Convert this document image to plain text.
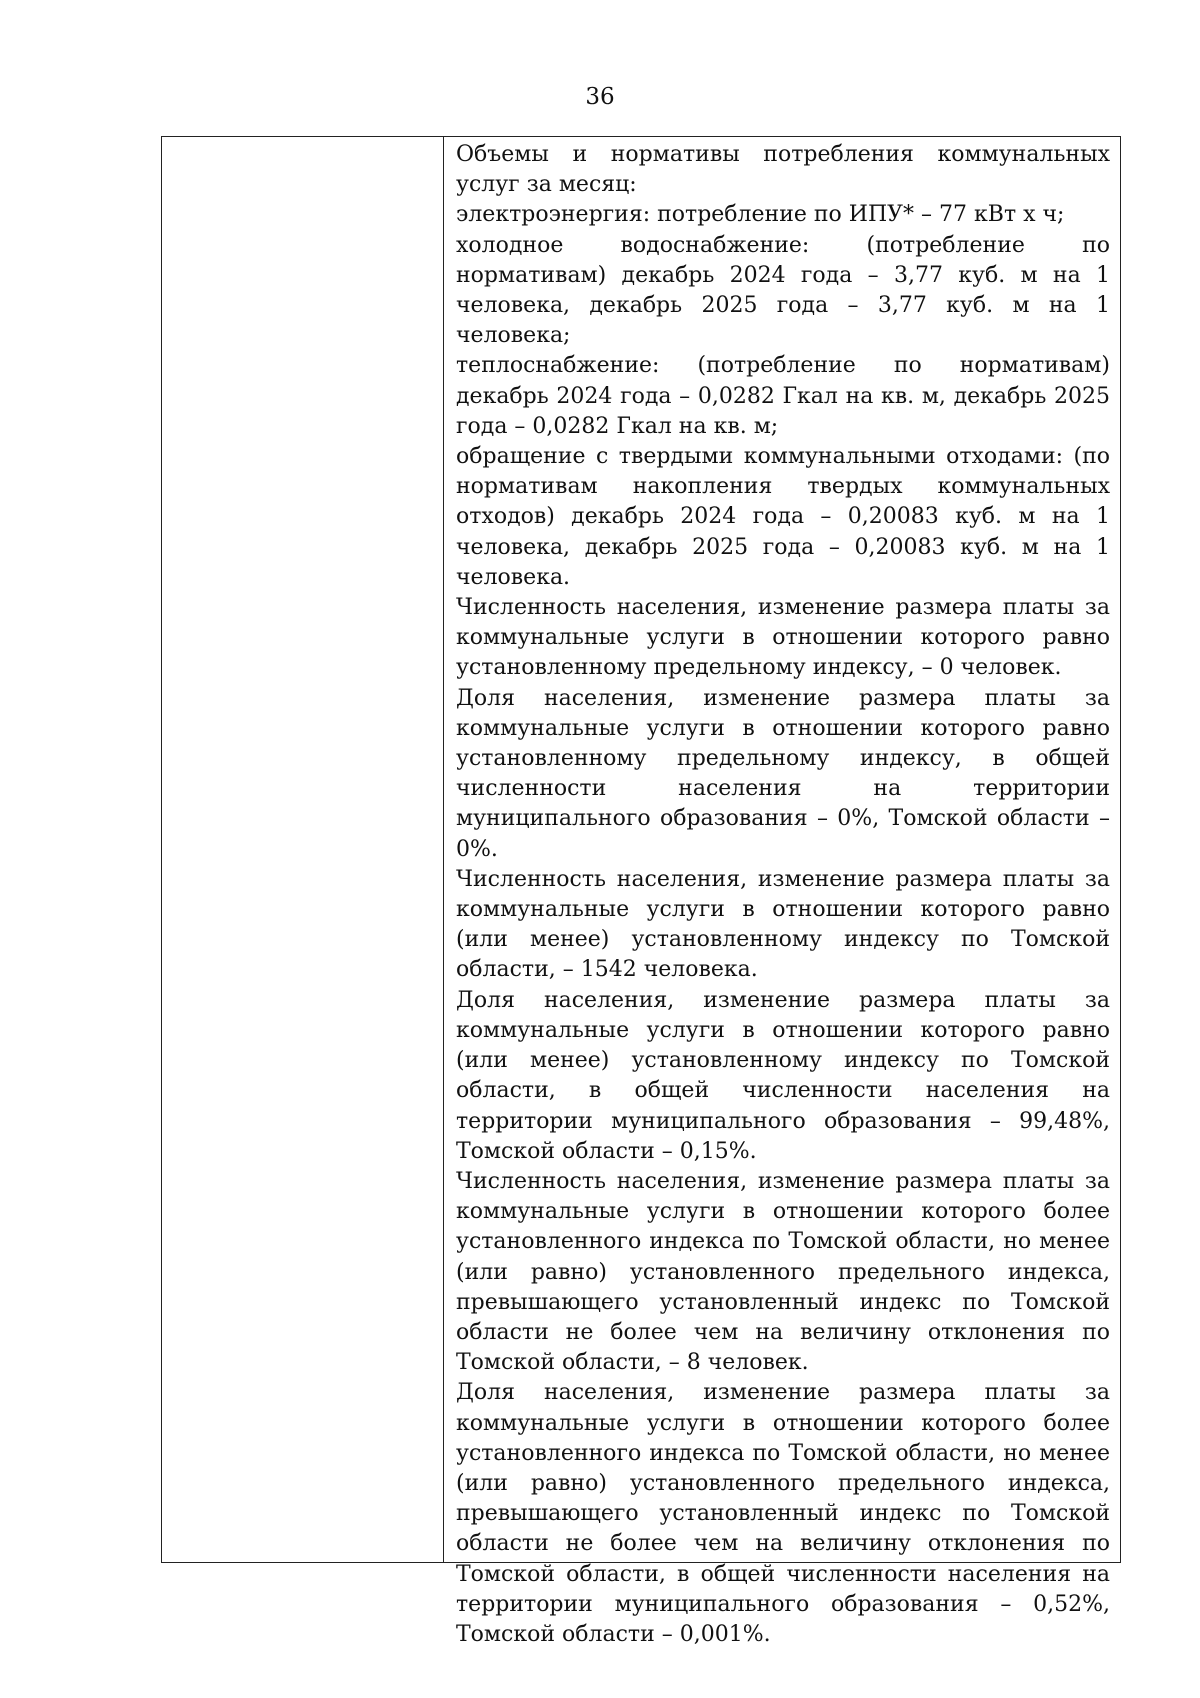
36

Объемы и нормативы потребления коммунальных услуг за месяц:

электроэнергия: потребление по ИПУ* – 77 кВт х ч;

холодное водоснабжение: (потребление по нормативам) декабрь 2024 года – 3,77 куб. м на 1 человека, декабрь 2025 года – 3,77 куб. м на 1 человека;

теплоснабжение: (потребление по нормативам) декабрь 2024 года – 0,0282 Гкал на кв. м, декабрь 2025 года – 0,0282 Гкал на кв. м;

обращение с твердыми коммунальными отходами: (по нормативам накопления твердых коммунальных отходов) декабрь 2024 года – 0,20083 куб. м на 1 человека, декабрь 2025 года – 0,20083 куб. м на 1 человека.

Численность населения, изменение размера платы за коммунальные услуги в отношении которого равно установленному предельному индексу, – 0 человек.

Доля населения, изменение размера платы за коммунальные услуги в отношении которого равно установленному предельному индексу, в общей численности населения на территории муниципального образования – 0%, Томской области – 0%.

Численность населения, изменение размера платы за коммунальные услуги в отношении которого равно (или менее) установленному индексу по Томской области, – 1542 человека.

Доля населения, изменение размера платы за коммунальные услуги в отношении которого равно (или менее) установленному индексу по Томской области, в общей численности населения на территории муниципального образования – 99,48%, Томской области – 0,15%.

Численность населения, изменение размера платы за коммунальные услуги в отношении которого более установленного индекса по Томской области, но менее (или равно) установленного предельного индекса, превышающего установленный индекс по Томской области не более чем на величину отклонения по Томской области, – 8 человек.

Доля населения, изменение размера платы за коммунальные услуги в отношении которого более установленного индекса по Томской области, но менее (или равно) установленного предельного индекса, превышающего установленный индекс по Томской области не более чем на величину отклонения по Томской области, в общей численности населения на территории муниципального образования – 0,52%, Томской области – 0,001%.
